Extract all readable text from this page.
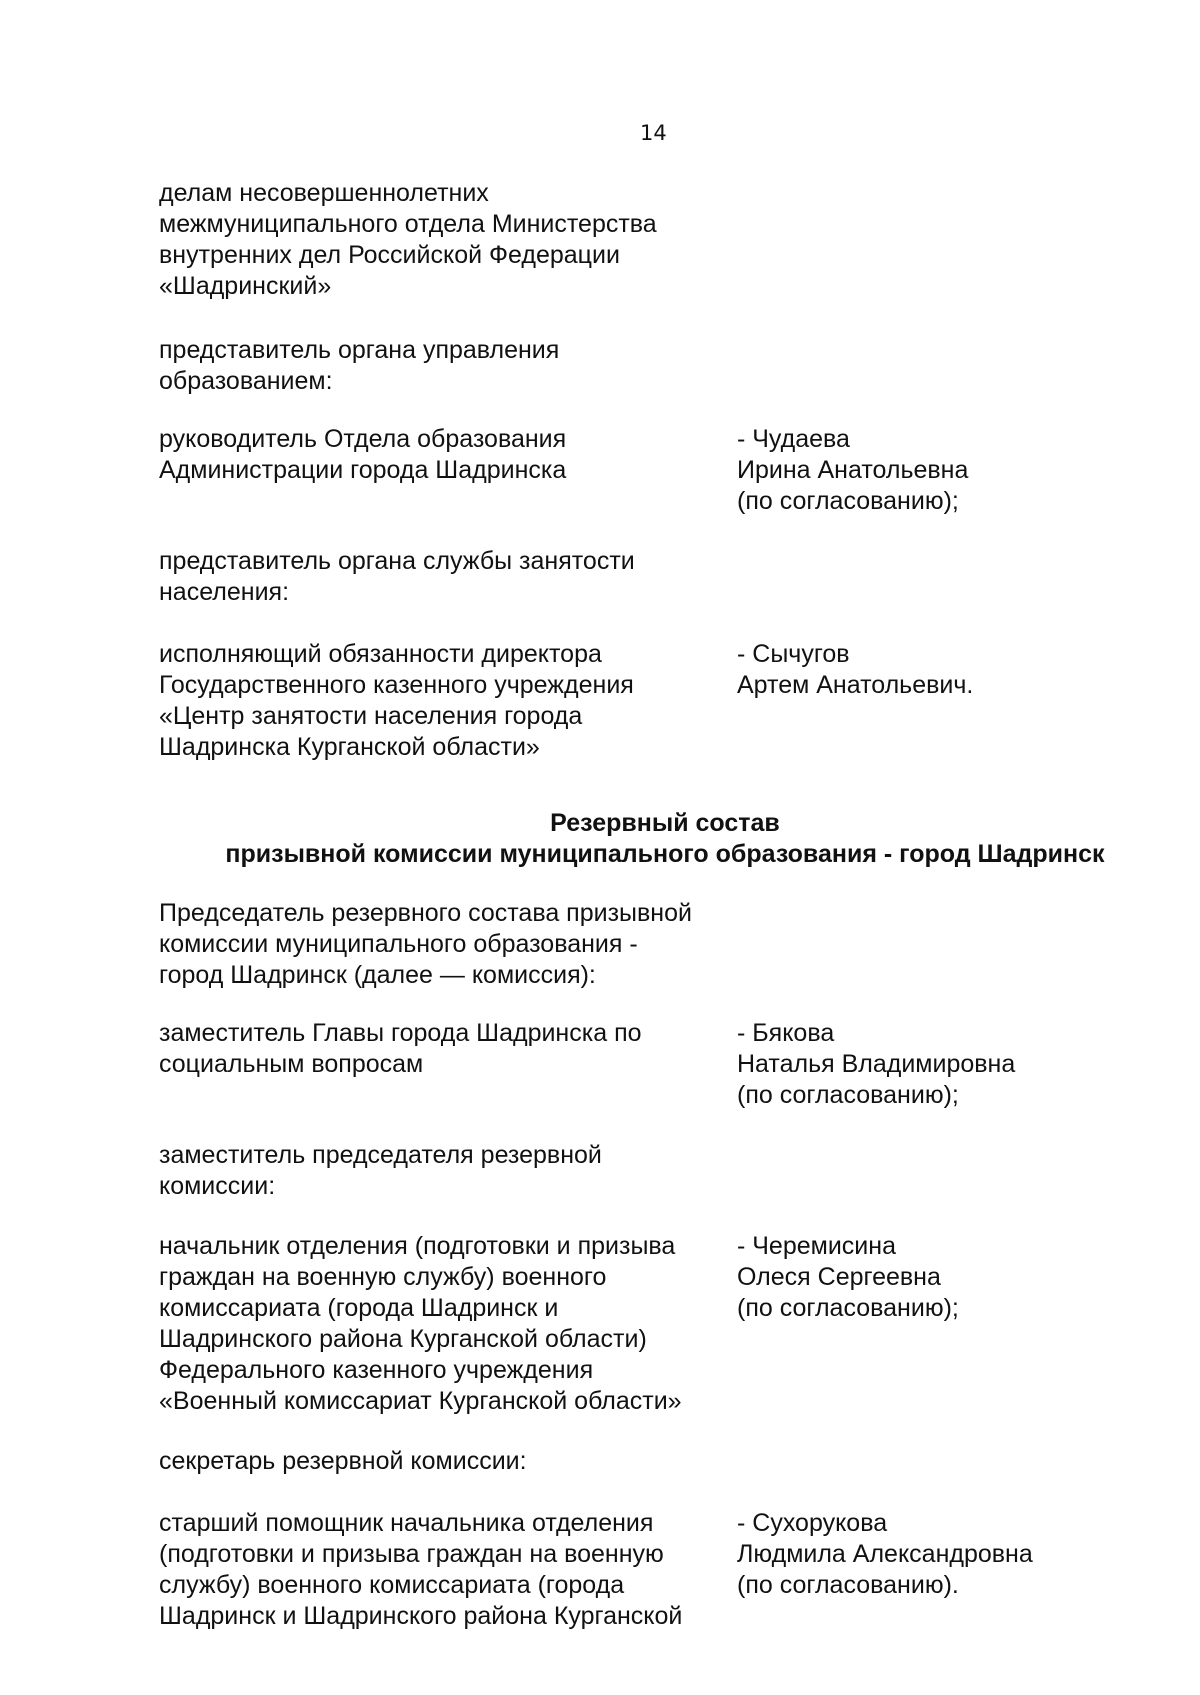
14
делам несовершеннолетних
межмуниципального отдела Министерства
внутренних дел Российской Федерации
«Шадринский»
представитель органа управления
образованием:
руководитель Отдела образования
Администрации города Шадринска
- Чудаева
Ирина Анатольевна
(по согласованию);
представитель органа службы занятости
населения:
исполняющий обязанности директора
Государственного казенного учреждения
«Центр занятости населения города
Шадринска Курганской области»
- Сычугов
Артем Анатольевич.
Резервный состав
призывной комиссии муниципального образования - город Шадринск
Председатель резервного состава призывной
комиссии муниципального образования -
город Шадринск (далее — комиссия):
заместитель Главы города Шадринска по
социальным вопросам
- Бякова
Наталья Владимировна
(по согласованию);
заместитель председателя резервной
комиссии:
начальник отделения (подготовки и призыва
граждан на военную службу) военного
комиссариата (города Шадринск и
Шадринского района Курганской области)
Федерального казенного учреждения
«Военный комиссариат Курганской области»
- Черемисина
Олеся Сергеевна
(по согласованию);
секретарь резервной комиссии:
старший помощник начальника отделения
(подготовки и призыва граждан на военную
службу) военного комиссариата (города
Шадринск и Шадринского района Курганской
- Сухорукова
Людмила Александровна
(по согласованию).
